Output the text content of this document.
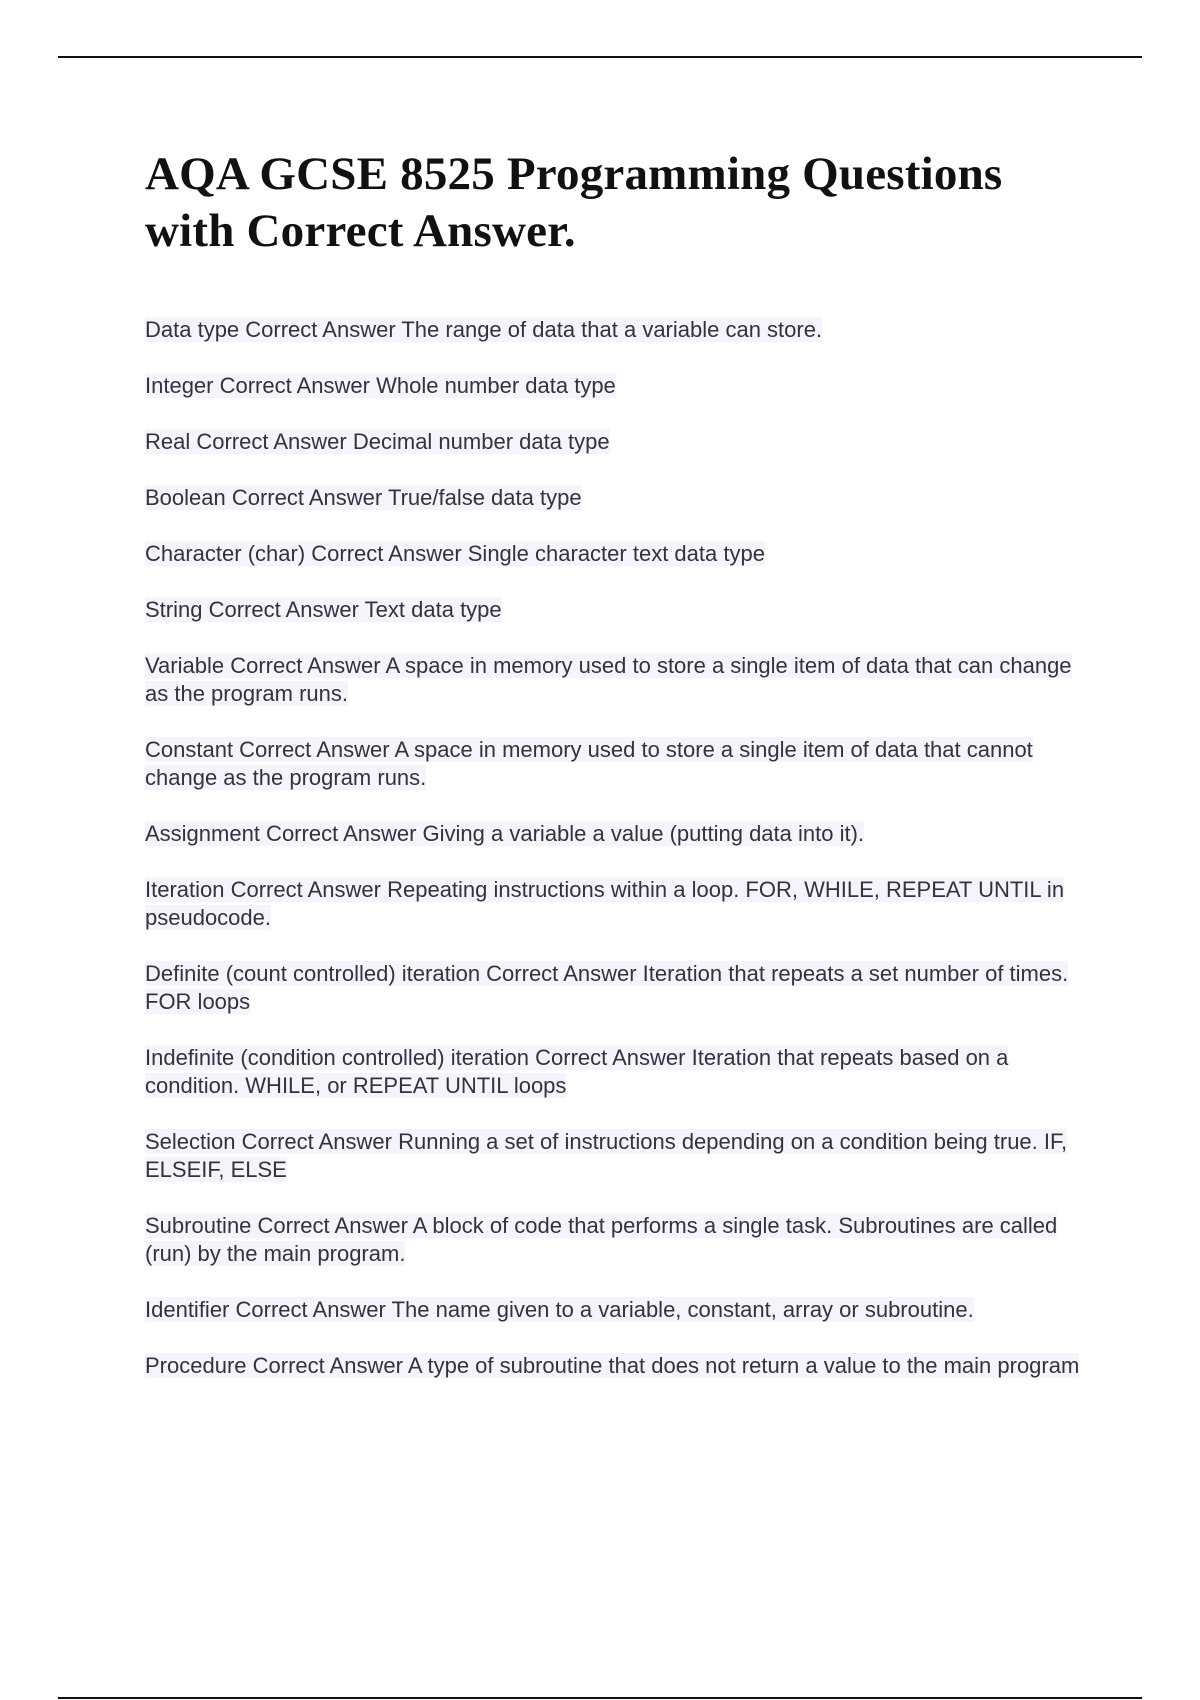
AQA GCSE 8525 Programming Questions with Correct Answer.
Data type Correct Answer The range of data that a variable can store.
Integer Correct Answer Whole number data type
Real Correct Answer Decimal number data type
Boolean Correct Answer True/false data type
Character (char) Correct Answer Single character text data type
String Correct Answer Text data type
Variable Correct Answer A space in memory used to store a single item of data that can change as the program runs.
Constant Correct Answer A space in memory used to store a single item of data that cannot change as the program runs.
Assignment Correct Answer Giving a variable a value (putting data into it).
Iteration Correct Answer Repeating instructions within a loop. FOR, WHILE, REPEAT UNTIL in pseudocode.
Definite (count controlled) iteration Correct Answer Iteration that repeats a set number of times. FOR loops
Indefinite (condition controlled) iteration Correct Answer Iteration that repeats based on a condition. WHILE, or REPEAT UNTIL loops
Selection Correct Answer Running a set of instructions depending on a condition being true. IF, ELSEIF, ELSE
Subroutine Correct Answer A block of code that performs a single task. Subroutines are called (run) by the main program.
Identifier Correct Answer The name given to a variable, constant, array or subroutine.
Procedure Correct Answer A type of subroutine that does not return a value to the main program
